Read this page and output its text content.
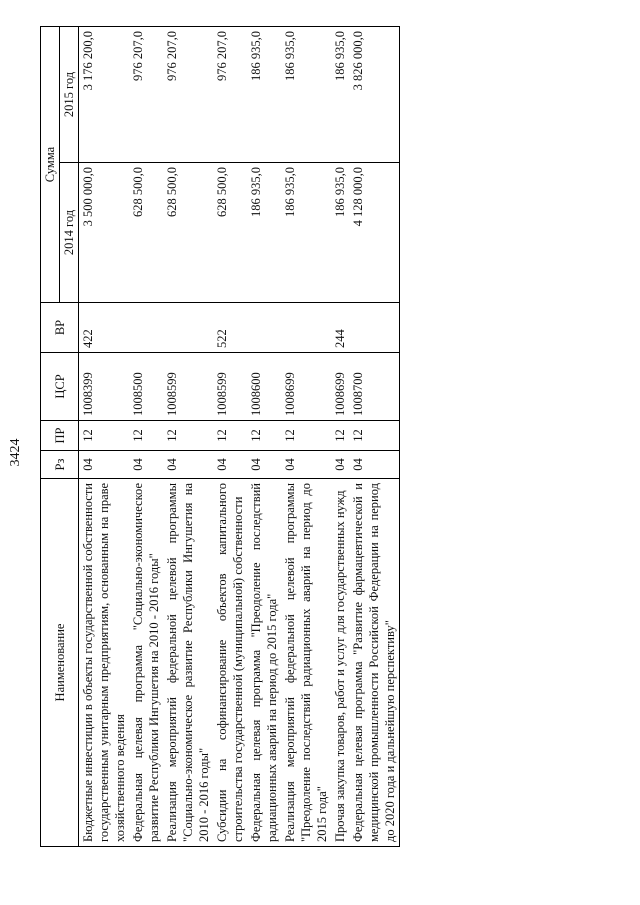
3424
Наименование	Рз	ПР	ЦСР	ВР	Сумма	
					2014 год	2015 год
Бюджетные инвестиции в объекты государственной собственности государственным унитарным предприятиям, основанным на праве хозяйственного ведения	04	12	1008399	422	3 500 000,0	3 176 200,0
Федеральная целевая программа "Социально-экономическое развитие Республики Ингушетия на 2010 - 2016 годы"	04	12	1008500		628 500,0	976 207,0
Реализация мероприятий федеральной целевой программы "Социально-экономическое развитие Республики Ингушетия на 2010 - 2016 годы"	04	12	1008599		628 500,0	976 207,0
Субсидии на софинансирование объектов капитального строительства государственной (муниципальной) собственности	04	12	1008599	522	628 500,0	976 207,0
Федеральная целевая программа "Преодоление последствий радиационных аварий на период до 2015 года"	04	12	1008600		186 935,0	186 935,0
Реализация мероприятий федеральной целевой программы "Преодоление последствий радиационных аварий на период до 2015 года"	04	12	1008699		186 935,0	186 935,0
Прочая закупка товаров, работ и услуг для государственных нужд	04	12	1008699	244	186 935,0	186 935,0
Федеральная целевая программа "Развитие фармацевтической и медицинской промышленности Российской Федерации на период до 2020 года и дальнейшую перспективу"	04	12	1008700		4 128 000,0	3 826 000,0
